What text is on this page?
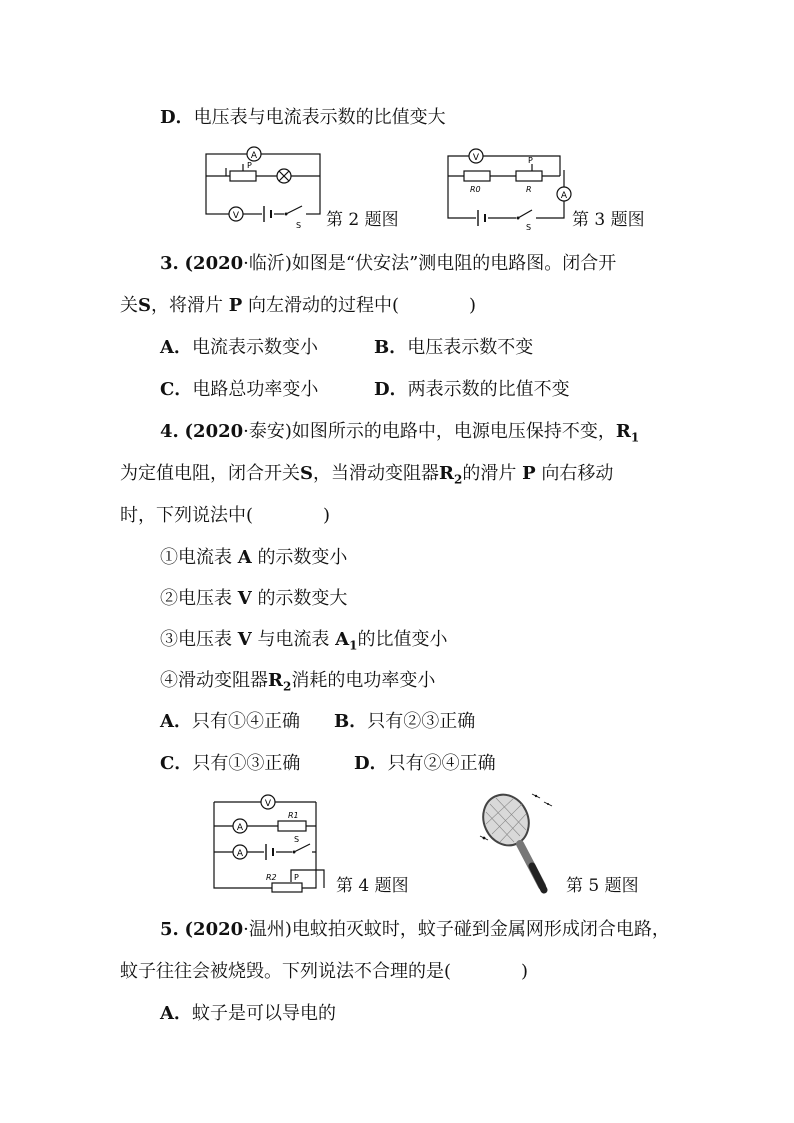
D．电压表与电流表示数的比值变大
A
P
V
S 第 2 题图
V
R0
P
R
A
S 第 3 题图
3. (2020·临沂)如图是“伏安法”测电阻的电路图。闭合开
关S，将滑片 P 向左滑动的过程中(	)
A．电流表示数变小	B．电压表示数不变
C．电路总功率变小	D．两表示数的比值不变
4. (2020·泰安)如图所示的电路中，电源电压保持不变，$R_1$
为定值电阻，闭合开关S，当滑动变阻器$R_2$的滑片 P 向右移动
时，下列说法中(	)
①电流表 A 的示数变小
②电压表 V 的示数变大
③电压表 V 与电流表 $A_1$的比值变小
④滑动变阻器$R_2$消耗的电功率变小
A．只有①④正确 B．只有②③正确
C．只有①③正确	D．只有②④正确
V
A
R1
A
S
R2 P 第 4 题图	第 5 题图
5. (2020·温州)电蚊拍灭蚊时，蚊子碰到金属网形成闭合电路，
蚊子往往会被烧毁。下列说法不合理的是(	)
A．蚊子是可以导电的
